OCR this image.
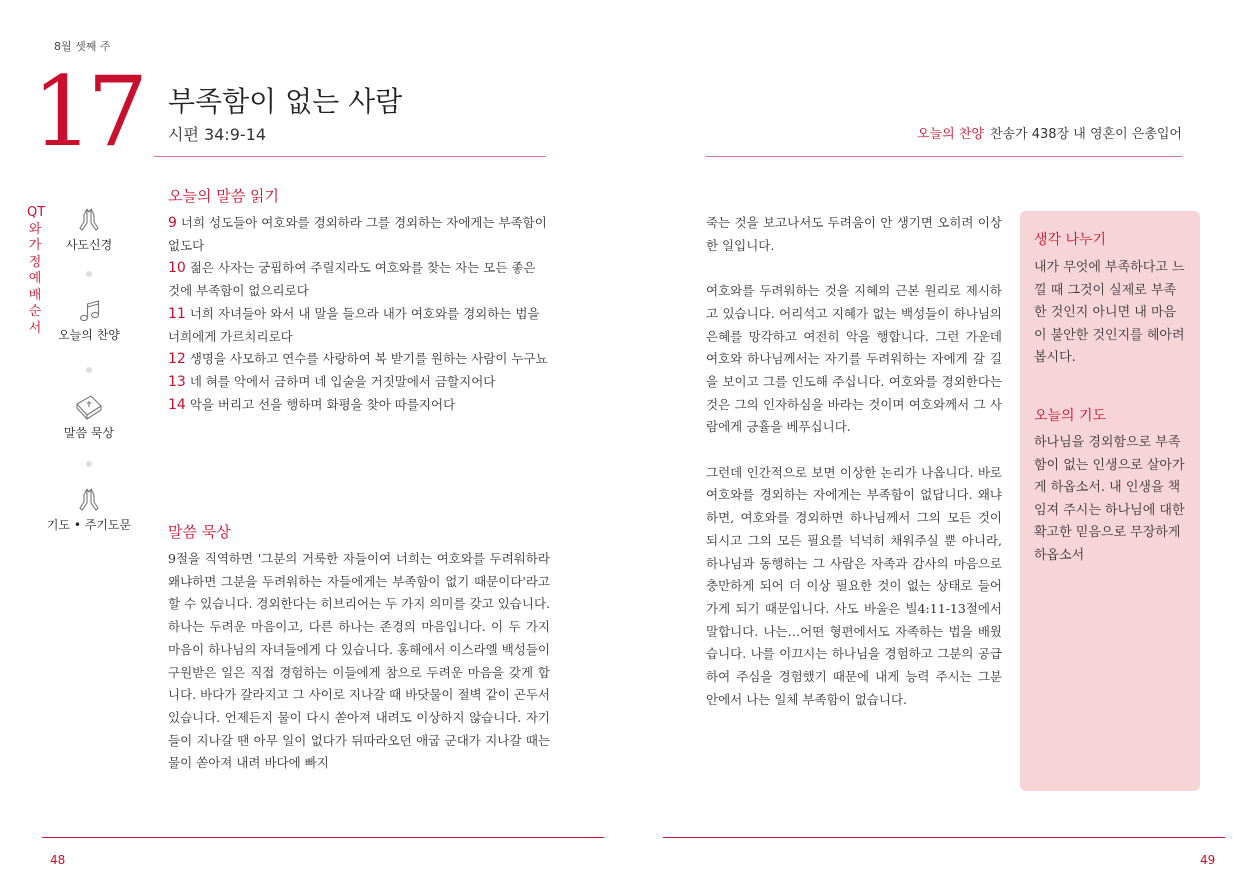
8월 셋째 주
17 부족함이 없는 사람
시편 34:9-14	오늘의 찬양 찬송가 438장 내 영혼이 은총입어
QT와 가정예배 순서
사도신경
오늘의 찬양
말씀 묵상
기도 • 주기도문
오늘의 말씀 읽기
9 너희 성도들아 여호와를 경외하라 그를 경외하는 자에게는 부족함이 없도다
10 젊은 사자는 궁핍하여 주릴지라도 여호와를 찾는 자는 모든 좋은 것에 부족함이 없으리로다
11 너희 자녀들아 와서 내 말을 들으라 내가 여호와를 경외하는 법을 너희에게 가르치리로다
12 생명을 사모하고 연수를 사랑하여 복 받기를 원하는 사람이 누구뇨
13 네 혀를 악에서 금하며 네 입술을 거짓말에서 금할지어다
14 악을 버리고 선을 행하며 화평을 찾아 따를지어다
말씀 묵상
9절을 직역하면 '그분의 거룩한 자들이여 너희는 여호와를 두려워하라 왜냐하면 그분을 두려워하는 자들에게는 부족함이 없기 때문이다'라고 할 수 있습니다. 경외한다는 히브리어는 두 가지 의미를 갖고 있습니다. 하나는 두려운 마음이고, 다른 하나는 존경의 마음입니다. 이 두 가지 마음이 하나님의 자녀들에게 다 있습니다. 홍해에서 이스라엘 백성들이 구원받은 일은 직접 경험하는 이들에게 참으로 두려운 마음을 갖게 합니다. 바다가 갈라지고 그 사이로 지나갈 때 바닷물이 절벽 같이 곤두서 있습니다. 언제든지 물이 다시 쏟아져 내려도 이상하지 않습니다. 자기들이 지나갈 땐 아무 일이 없다가 뒤따라오던 애굽 군대가 지나갈 때는 물이 쏟아져 내려 바다에 빠지

죽는 것을 보고나서도 두려움이 안 생기면 오히려 이상한 일입니다.

여호와를 두려워하는 것을 지혜의 근본 원리로 제시하고 있습니다. 어리석고 지혜가 없는 백성들이 하나님의 은혜를 망각하고 여전히 악을 행합니다. 그런 가운데 여호와 하나님께서는 자기를 두려워하는 자에게 갈 길을 보이고 그를 인도해 주십니다. 여호와를 경외한다는 것은 그의 인자하심을 바라는 것이며 여호와께서 그 사람에게 긍휼을 베푸십니다.

그런데 인간적으로 보면 이상한 논리가 나옵니다. 바로 여호와를 경외하는 자에게는 부족함이 없답니다. 왜냐하면, 여호와를 경외하면 하나님께서 그의 모든 것이 되시고 그의 모든 필요를 넉넉히 채워주실 뿐 아니라, 하나님과 동행하는 그 사람은 자족과 감사의 마음으로 충만하게 되어 더 이상 필요한 것이 없는 상태로 들어가게 되기 때문입니다. 사도 바울은 빌4:11-13절에서 말합니다. 나는…어떤 형편에서도 자족하는 법을 배웠습니다. 나를 이끄시는 하나님을 경험하고 그분의 공급하여 주심을 경험했기 때문에 내게 능력 주시는 그분 안에서 나는 일체 부족함이 없습니다.

생각 나누기
내가 무엇에 부족하다고 느낄 때 그것이 실제로 부족한 것인지 아니면 내 마음이 불안한 것인지를 헤아려 봅시다.
오늘의 기도
하나님을 경외함으로 부족함이 없는 인생으로 살아가게 하옵소서. 내 인생을 책임져 주시는 하나님에 대한 확고한 믿음으로 무장하게 하옵소서
48	49
